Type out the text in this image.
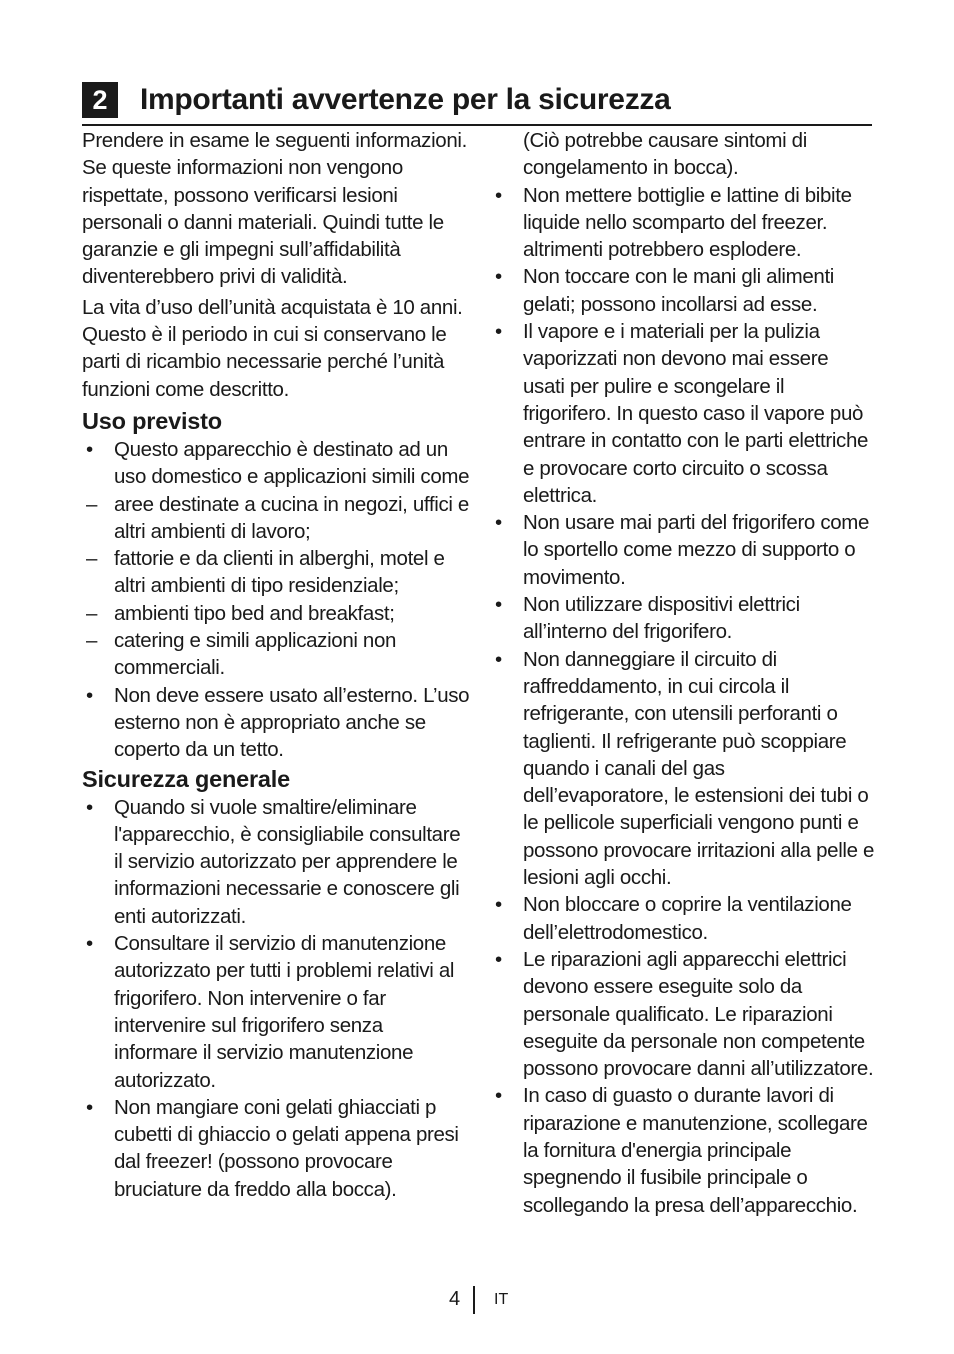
2	Importanti avvertenze per la sicurezza

Prendere in esame le seguenti informazioni. Se queste informazioni non vengono rispettate, possono verificarsi lesioni personali o danni materiali. Quindi tutte le garanzie e gli impegni sull’affidabilità diventerebbero privi di validità.

La vita d’uso dell’unità acquistata è 10 anni. Questo è il periodo in cui si conservano le parti di ricambio necessarie perché l’unità funzioni come descritto.

Uso previsto
•	Questo apparecchio è destinato ad un uso domestico e applicazioni simili come
– aree destinate a cucina in negozi, uffici e altri ambienti di lavoro;
– fattorie e da clienti in alberghi, motel e altri ambienti di tipo residenziale;
– ambienti tipo bed and breakfast;
– catering e simili applicazioni non commerciali.
•	Non deve essere usato all’esterno. L’uso esterno non è appropriato anche se coperto da un tetto.
Sicurezza generale
•	Quando si vuole smaltire/eliminare l'apparecchio, è consigliabile consultare il servizio autorizzato per apprendere le informazioni necessarie e conoscere gli enti autorizzati.
•	Consultare il servizio di manutenzione autorizzato per tutti i problemi relativi al frigorifero. Non intervenire o far intervenire sul frigorifero senza informare il servizio manutenzione autorizzato.
•	Non mangiare coni gelati ghiacciati p cubetti di ghiaccio o gelati appena presi dal freezer! (possono provocare bruciature da freddo alla bocca).
(Ciò potrebbe causare sintomi di congelamento in bocca).
•	Non mettere bottiglie e lattine di bibite liquide nello scomparto del freezer. altrimenti potrebbero esplodere.
•	Non toccare con le mani gli alimenti gelati; possono incollarsi ad esse.
•	Il vapore e i materiali per la pulizia vaporizzati non devono mai essere usati per pulire e scongelare il frigorifero. In questo caso il vapore può entrare in contatto con le parti elettriche e provocare corto circuito o scossa elettrica.
•	Non usare mai parti del frigorifero come lo sportello come mezzo di supporto o movimento.
•	Non utilizzare dispositivi elettrici all’interno del frigorifero.
•	Non danneggiare il circuito di raffreddamento, in cui circola il refrigerante, con utensili perforanti o taglienti. Il refrigerante può scoppiare quando i canali del gas dell’evaporatore, le estensioni dei tubi o le pellicole superficiali vengono punti e possono provocare irritazioni alla pelle e lesioni agli occhi.
•	Non bloccare o coprire la ventilazione dell’elettrodomestico.
•	Le riparazioni agli apparecchi elettrici devono essere eseguite solo da personale qualificato. Le riparazioni eseguite da personale non competente possono provocare danni all’utilizzatore.
•	In caso di guasto o durante lavori di riparazione e manutenzione, scollegare la fornitura d'energia principale spegnendo il fusibile principale o scollegando la presa dell’apparecchio.
4 IT
